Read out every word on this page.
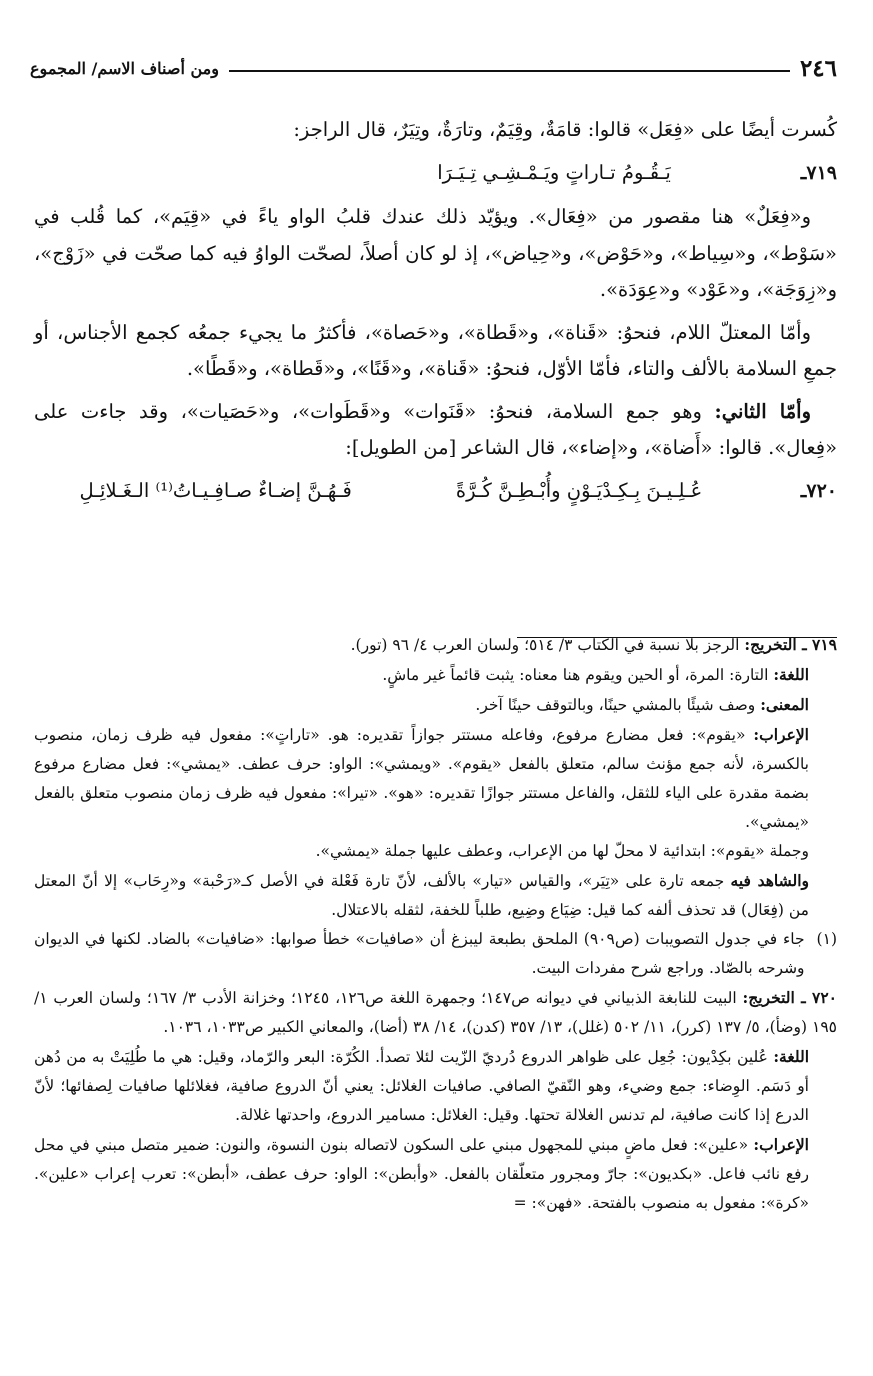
٢٤٦
ومن أصناف الاسم/ المجموع

كُسرت أيضًا على «فِعَل» قالوا: قامَةٌ، وقِيَمٌ، وتارَةٌ، وتِيَرٌ، قال الراجز:

٧١٩ـ
يَـقُـومُ تـاراتٍ ويَـمْـشِـي تِـيَـرَا

و«فِعَلٌ» هنا مقصور من «فِعَال». ويؤيّد ذلك عندك قلبُ الواو ياءً في «قِيَم»، كما قُلب في «سَوْط»، و«سِياط»، و«حَوْض»، و«حِياض»، إذ لو كان أصلاً، لصحّت الواوُ فيه كما صحّت في «زَوْج»، و«زِوَجَة»، و«عَوْد» و«عِوَدَة».

وأمّا المعتلّ اللام، فنحوُ: «قَناة»، و«قَطاة»، و«حَصاة»، فأكثرُ ما يجيء جمعُه كجمع الأجناس، أو جمعِ السلامة بالألف والتاء، فأمّا الأوّل، فنحوُ: «قَناة»، و«قَنًا»، و«قَطاة»، و«قَطًا».

وأمّا الثاني: وهو جمع السلامة، فنحوُ: «قَنَوات» و«قَطَوات»، و«حَصَيات»، وقد جاءت على «فِعال». قالوا: «أَضاة»، و«إضاء»، قال الشاعر [من الطويل]:

٧٢٠ـ
عُـلِـيـنَ بِـكِـدْيَـوْنٍ وأُبْـطِـنَّ كُـرَّةً
فَـهُـنَّ إضـاءٌ صـافِـيـاتُ⁽¹⁾ الـغَـلائِـلِ

٧١٩ ـ التخريج: الرجز بلا نسبة في الكتاب ٣/ ٥١٤؛ ولسان العرب ٤/ ٩٦ (تور).

اللغة: التارة: المرة، أو الحين ويقوم هنا معناه: يثبت قائماً غير ماشٍ.

المعنى: وصف شيئًا بالمشي حينًا، وبالتوقف حينًا آخر.

الإعراب: «يقوم»: فعل مضارع مرفوع، وفاعله مستتر جوازاً تقديره: هو. «تاراتٍ»: مفعول فيه ظرف زمان، منصوب بالكسرة، لأنه جمع مؤنث سالم، متعلق بالفعل «يقوم». «ويمشي»: الواو: حرف عطف. «يمشي»: فعل مضارع مرفوع بضمة مقدرة على الياء للثقل، والفاعل مستتر جوازًا تقديره: «هو». «تيرا»: مفعول فيه ظرف زمان منصوب متعلق بالفعل «يمشي».

وجملة «يقوم»: ابتدائية لا محلّ لها من الإعراب، وعطف عليها جملة «يمشي».

والشاهد فيه جمعه تارة على «تِيَر»، والقياس «تيار» بالألف، لأنّ تارة فَعْلة في الأصل كـ«رَحْبة» و«رِحَاب» إلا أنّ المعتل من (فِعَال) قد تحذف ألفه كما قيل: ضِيَاع وضِيع، طلباً للخفة، لثقله بالاعتلال.

(١)
جاء في جدول التصويبات (ص٩٠٩) الملحق بطبعة ليبزغ أن «صافيات» خطأ صوابها: «ضافيات» بالضاد. لكنها في الديوان وشرحه بالصّاد. وراجع شرح مفردات البيت.

٧٢٠ ـ التخريج: البيت للنابغة الذبياني في ديوانه ص١٤٧؛ وجمهرة اللغة ص١٢٦، ١٢٤٥؛ وخزانة الأدب ٣/ ١٦٧؛ ولسان العرب ١/ ١٩٥ (وضأ)، ٥/ ١٣٧ (كرر)، ١١/ ٥٠٢ (غلل)، ١٣/ ٣٥٧ (كدن)، ١٤/ ٣٨ (أضا)، والمعاني الكبير ص١٠٣٣، ١٠٣٦.

اللغة: عُلين بكِدْيون: جُعِل على ظواهر الدروع دُرديّ الزّيت لئلا تصدأ. الكُرّة: البعر والرّماد، وقيل: هي ما طُلِيَتْ به من دُهن أو دَسَم. الوِضاء: جمع وضيء، وهو النّقيّ الصافي. صافيات الغلائل: يعني أنّ الدروع صافية، فغلائلها صافيات لِصفائها؛ لأنّ الدرع إذا كانت صافية، لم تدنس الغلالة تحتها. وقيل: الغلائل: مسامير الدروع، واحدتها غلالة.

الإعراب: «علين»: فعل ماضٍ مبني للمجهول مبني على السكون لاتصاله بنون النسوة، والنون: ضمير متصل مبني في محل رفع نائب فاعل. «بكديون»: جارّ ومجرور متعلّقان بالفعل. «وأبطن»: الواو: حرف عطف، «أبطن»: تعرب إعراب «علين». «كرة»: مفعول به منصوب بالفتحة. «فهن»: =
